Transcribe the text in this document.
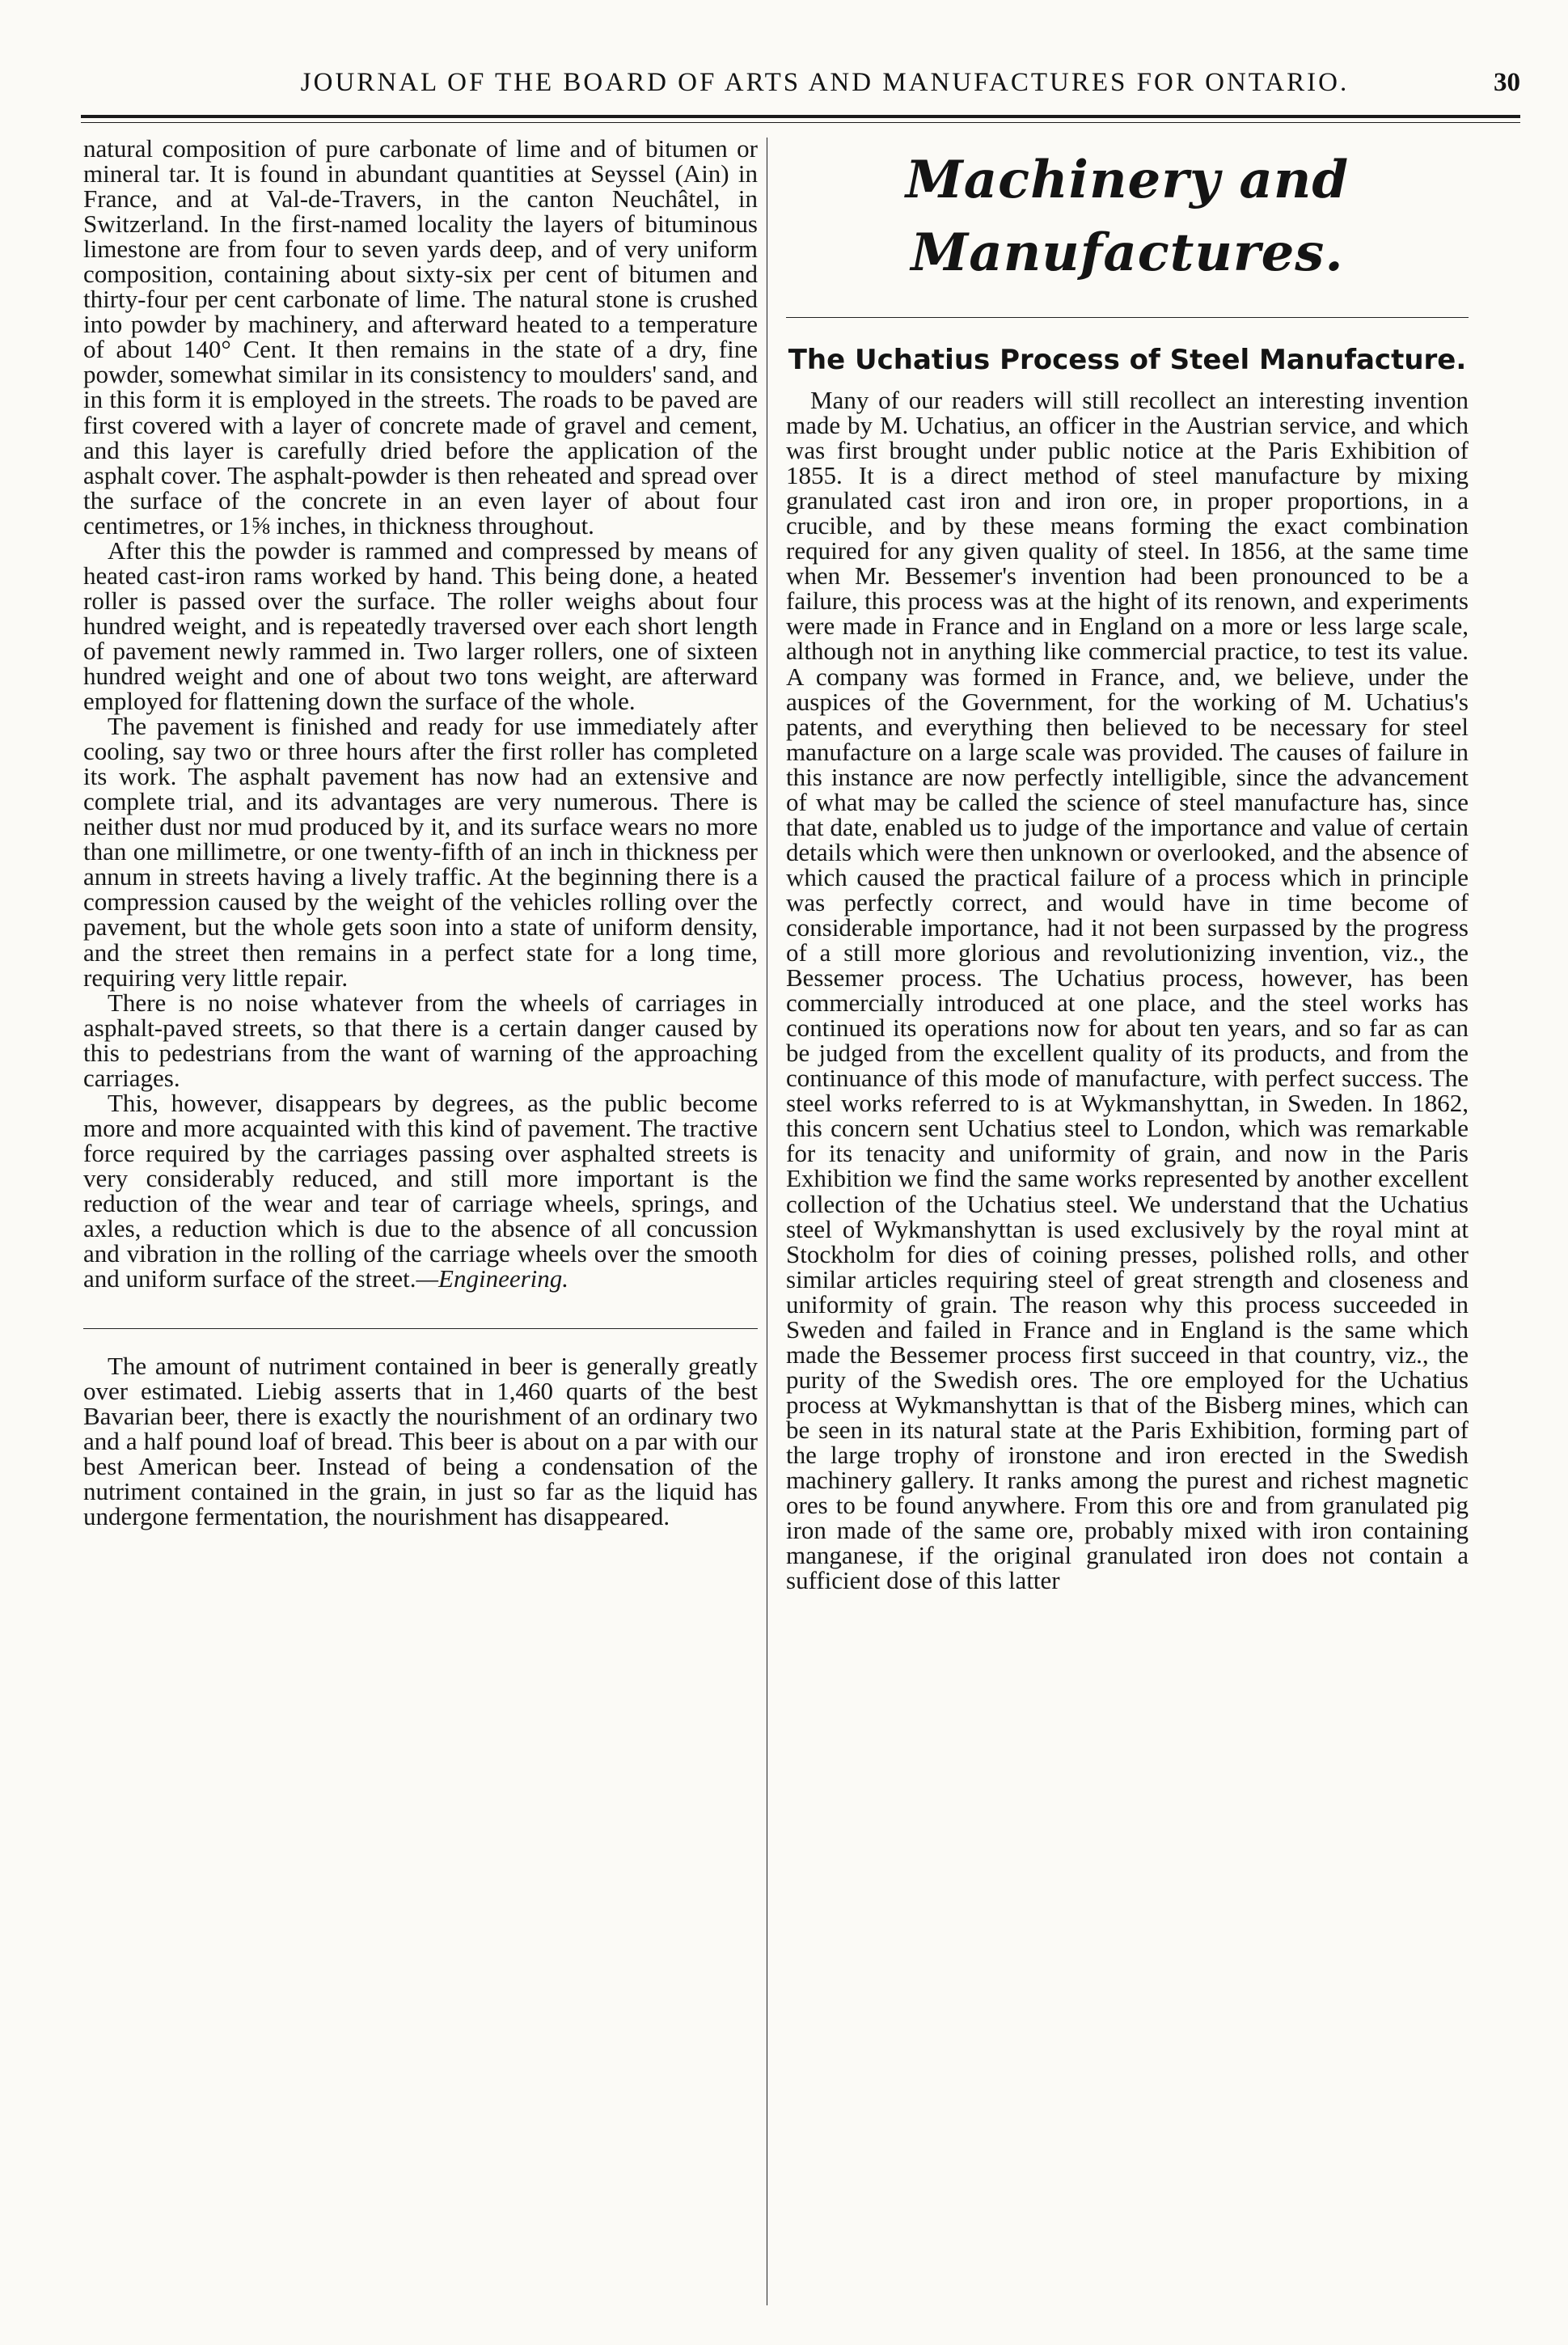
JOURNAL OF THE BOARD OF ARTS AND MANUFACTURES FOR ONTARIO.	30

natural composition of pure carbonate of lime and of bitumen or mineral tar. It is found in abundant quantities at Seyssel (Ain) in France, and at Val-de-Travers, in the canton Neuchâtel, in Switzerland. In the first-named locality the layers of bituminous limestone are from four to seven yards deep, and of very uniform composition, containing about sixty-six per cent of bitumen and thirty-four per cent carbonate of lime. The natural stone is crushed into powder by machinery, and afterward heated to a temperature of about 140° Cent. It then remains in the state of a dry, fine powder, somewhat similar in its consistency to moulders' sand, and in this form it is employed in the streets. The roads to be paved are first covered with a layer of concrete made of gravel and cement, and this layer is carefully dried before the application of the asphalt cover. The asphalt-powder is then reheated and spread over the surface of the concrete in an even layer of about four centimetres, or 1⅝ inches, in thickness throughout.

After this the powder is rammed and compressed by means of heated cast-iron rams worked by hand. This being done, a heated roller is passed over the surface. The roller weighs about four hundred weight, and is repeatedly traversed over each short length of pavement newly rammed in. Two larger rollers, one of sixteen hundred weight and one of about two tons weight, are afterward employed for flattening down the surface of the whole.

The pavement is finished and ready for use immediately after cooling, say two or three hours after the first roller has completed its work. The asphalt pavement has now had an extensive and complete trial, and its advantages are very numerous. There is neither dust nor mud produced by it, and its surface wears no more than one millimetre, or one twenty-fifth of an inch in thickness per annum in streets having a lively traffic. At the beginning there is a compression caused by the weight of the vehicles rolling over the pavement, but the whole gets soon into a state of uniform density, and the street then remains in a perfect state for a long time, requiring very little repair.

There is no noise whatever from the wheels of carriages in asphalt-paved streets, so that there is a certain danger caused by this to pedestrians from the want of warning of the approaching carriages.

This, however, disappears by degrees, as the public become more and more acquainted with this kind of pavement. The tractive force required by the carriages passing over asphalted streets is very considerably reduced, and still more important is the reduction of the wear and tear of carriage wheels, springs, and axles, a reduction which is due to the absence of all concussion and vibration in the rolling of the carriage wheels over the smooth and uniform surface of the street.—Engineering.

The amount of nutriment contained in beer is generally greatly over estimated. Liebig asserts that in 1,460 quarts of the best Bavarian beer, there is exactly the nourishment of an ordinary two and a half pound loaf of bread. This beer is about on a par with our best American beer. Instead of being a condensation of the nutriment contained in the grain, in just so far as the liquid has undergone fermentation, the nourishment has disappeared.

Machinery and Manufactures.
The Uchatius Process of Steel Manufacture.

Many of our readers will still recollect an interesting invention made by M. Uchatius, an officer in the Austrian service, and which was first brought under public notice at the Paris Exhibition of 1855. It is a direct method of steel manufacture by mixing granulated cast iron and iron ore, in proper proportions, in a crucible, and by these means forming the exact combination required for any given quality of steel. In 1856, at the same time when Mr. Bessemer's invention had been pronounced to be a failure, this process was at the hight of its renown, and experiments were made in France and in England on a more or less large scale, although not in anything like commercial practice, to test its value. A company was formed in France, and, we believe, under the auspices of the Government, for the working of M. Uchatius's patents, and everything then believed to be necessary for steel manufacture on a large scale was provided. The causes of failure in this instance are now perfectly intelligible, since the advancement of what may be called the science of steel manufacture has, since that date, enabled us to judge of the importance and value of certain details which were then unknown or overlooked, and the absence of which caused the practical failure of a process which in principle was perfectly correct, and would have in time become of considerable importance, had it not been surpassed by the progress of a still more glorious and revolutionizing invention, viz., the Bessemer process. The Uchatius process, however, has been commercially introduced at one place, and the steel works has continued its operations now for about ten years, and so far as can be judged from the excellent quality of its products, and from the continuance of this mode of manufacture, with perfect success. The steel works referred to is at Wykmanshyttan, in Sweden. In 1862, this concern sent Uchatius steel to London, which was remarkable for its tenacity and uniformity of grain, and now in the Paris Exhibition we find the same works represented by another excellent collection of the Uchatius steel. We understand that the Uchatius steel of Wykmanshyttan is used exclusively by the royal mint at Stockholm for dies of coining presses, polished rolls, and other similar articles requiring steel of great strength and closeness and uniformity of grain. The reason why this process succeeded in Sweden and failed in France and in England is the same which made the Bessemer process first succeed in that country, viz., the purity of the Swedish ores. The ore employed for the Uchatius process at Wykmanshyttan is that of the Bisberg mines, which can be seen in its natural state at the Paris Exhibition, forming part of the large trophy of ironstone and iron erected in the Swedish machinery gallery. It ranks among the purest and richest magnetic ores to be found anywhere. From this ore and from granulated pig iron made of the same ore, probably mixed with iron containing manganese, if the original granulated iron does not contain a sufficient dose of this latter
